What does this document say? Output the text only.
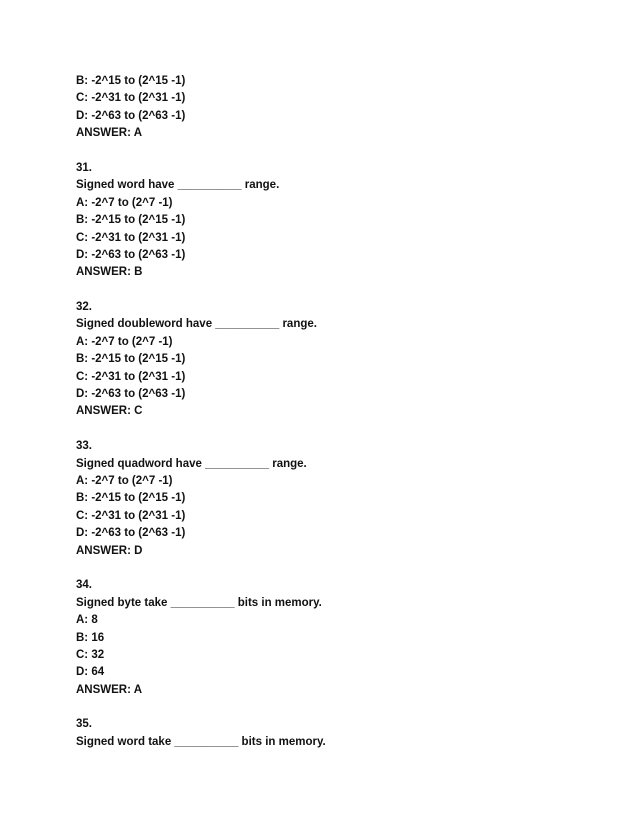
B: -2^15 to (2^15 -1)
C: -2^31 to (2^31 -1)
D: -2^63 to (2^63 -1)
ANSWER: A
31.
Signed word have __________ range.
A: -2^7 to (2^7 -1)
B: -2^15 to (2^15 -1)
C: -2^31 to (2^31 -1)
D: -2^63 to (2^63 -1)
ANSWER: B
32.
Signed doubleword have __________ range.
A: -2^7 to (2^7 -1)
B: -2^15 to (2^15 -1)
C: -2^31 to (2^31 -1)
D: -2^63 to (2^63 -1)
ANSWER: C
33.
Signed quadword have __________ range.
A: -2^7 to (2^7 -1)
B: -2^15 to (2^15 -1)
C: -2^31 to (2^31 -1)
D: -2^63 to (2^63 -1)
ANSWER: D
34.
Signed byte take __________ bits in memory.
A: 8
B: 16
C: 32
D: 64
ANSWER: A
35.
Signed word take __________ bits in memory.
